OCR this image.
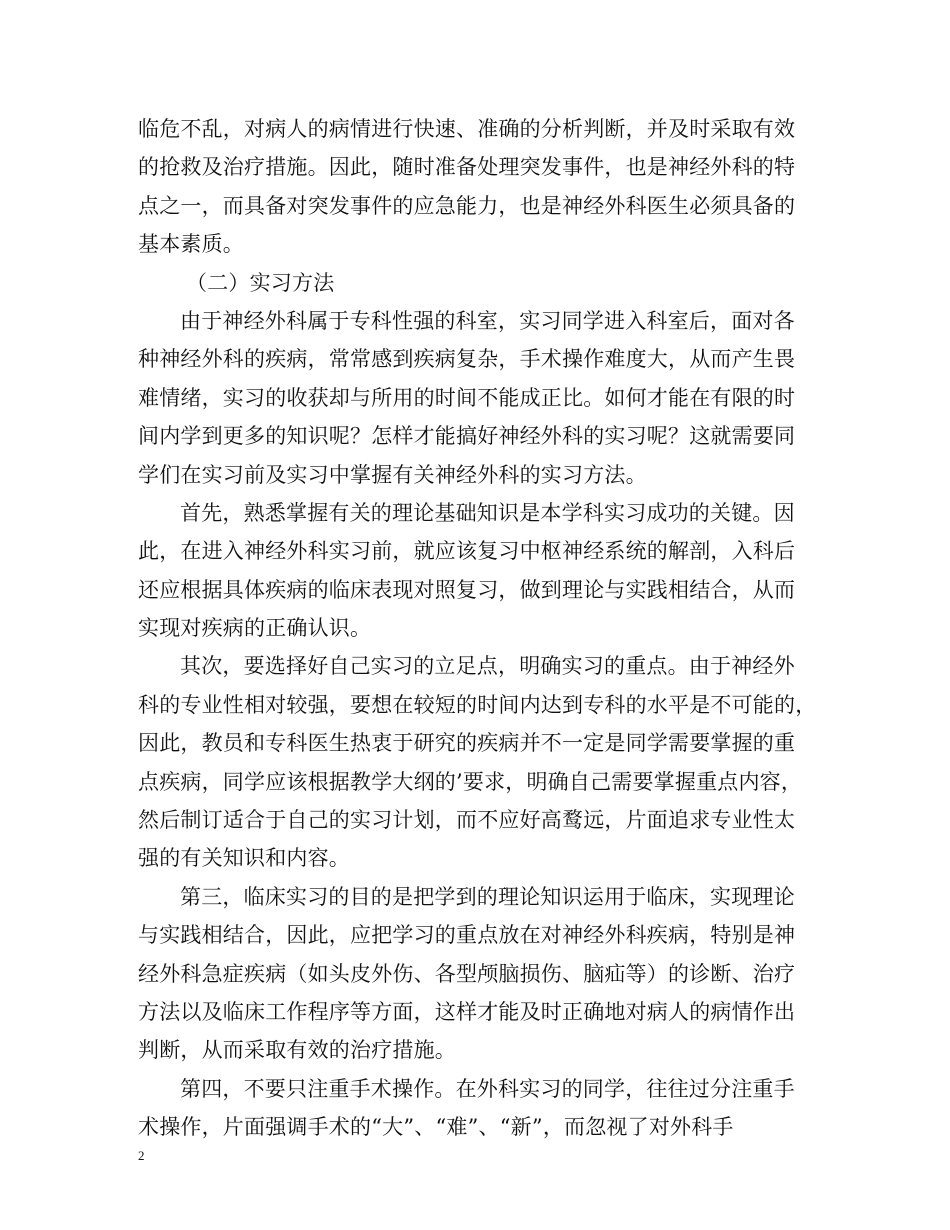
临危不乱，对病人的病情进行快速、准确的分析判断，并及时采取有效
的抢救及治疗措施。因此，随时准备处理突发事件，也是神经外科的特
点之一，而具备对突发事件的应急能力，也是神经外科医生必须具备的
基本素质。
（二）实习方法
由于神经外科属于专科性强的科室，实习同学进入科室后，面对各
种神经外科的疾病，常常感到疾病复杂，手术操作难度大，从而产生畏
难情绪，实习的收获却与所用的时间不能成正比。如何才能在有限的时
间内学到更多的知识呢？怎样才能搞好神经外科的实习呢？这就需要同
学们在实习前及实习中掌握有关神经外科的实习方法。
首先，熟悉掌握有关的理论基础知识是本学科实习成功的关键。因
此，在进入神经外科实习前，就应该复习中枢神经系统的解剖，入科后
还应根据具体疾病的临床表现对照复习，做到理论与实践相结合，从而
实现对疾病的正确认识。
其次，要选择好自己实习的立足点，明确实习的重点。由于神经外
科的专业性相对较强，要想在较短的时间内达到专科的水平是不可能的，
因此，教员和专科医生热衷于研究的疾病并不一定是同学需要掌握的重
点疾病，同学应该根据教学大纲的’要求，明确自己需要掌握重点内容，
然后制订适合于自己的实习计划，而不应好高鹜远，片面追求专业性太
强的有关知识和内容。
第三，临床实习的目的是把学到的理论知识运用于临床，实现理论
与实践相结合，因此，应把学习的重点放在对神经外科疾病，特别是神
经外科急症疾病（如头皮外伤、各型颅脑损伤、脑疝等）的诊断、治疗
方法以及临床工作程序等方面，这样才能及时正确地对病人的病情作出
判断，从而采取有效的治疗措施。
第四，不要只注重手术操作。在外科实习的同学，往往过分注重手
术操作，片面强调手术的“大”、“难”、“新”，而忽视了对外科手
2
